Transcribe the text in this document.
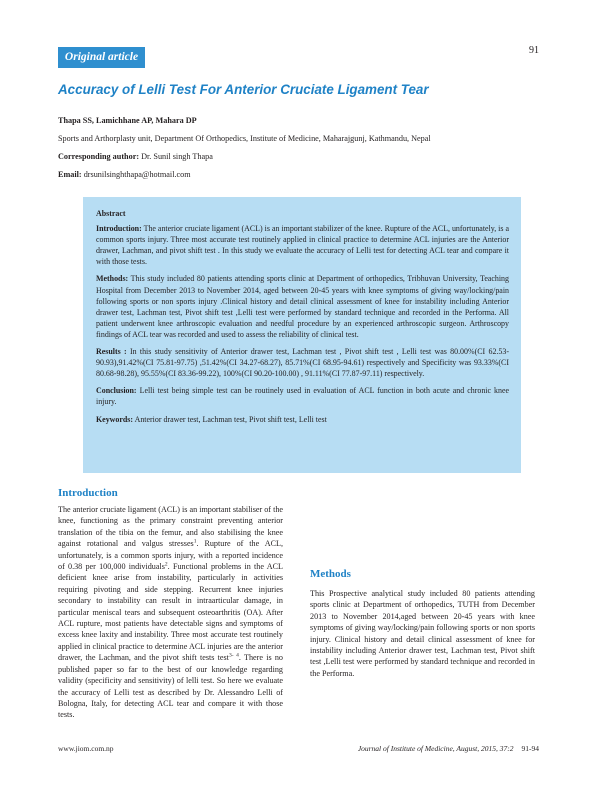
Original article
91
Accuracy of Lelli Test For Anterior Cruciate Ligament Tear
Thapa SS, Lamichhane AP, Mahara DP
Sports and Arthorplasty unit, Department Of Orthopedics, Institute of Medicine, Maharajgunj, Kathmandu, Nepal
Corresponding author: Dr. Sunil singh Thapa
Email: drsunilsinghthapa@hotmail.com

Abstract

Introduction: The anterior cruciate ligament (ACL) is an important stabilizer of the knee. Rupture of the ACL, unfortunately, is a common sports injury. Three most accurate test routinely applied in clinical practice to determine ACL injuries are the Anterior drawer, Lachman, and pivot shift test . In this study we evaluate the accuracy of Lelli test for detecting ACL tear and compare it with those tests.

Methods: This study included 80 patients attending sports clinic at Department of orthopedics, Tribhuvan University, Teaching Hospital from December 2013 to November 2014, aged between 20-45 years with knee symptoms of giving way/locking/pain following sports or non sports injury .Clinical history and detail clinical assessment of knee for instability including Anterior drawer test, Lachman test, Pivot shift test ,Lelli test were performed by standard technique and recorded in the Performa. All patient underwent knee arthroscopic evaluation and needful procedure by an experienced arthroscopic surgeon. Arthroscopy findings of ACL tear was recorded and used to assess the reliability of clinical test.

Results : In this study sensitivity of Anterior drawer test, Lachman test , Pivot shift test , Lelli test was 80.00%(CI 62.53-90.93),91.42%(CI 75.81-97.75) ,51.42%(CI 34.27-68.27), 85.71%(CI 68.95-94.61) respectively and Specificity was 93.33%(CI 80.68-98.28), 95.55%(CI 83.36-99.22), 100%(CI 90.20-100.00) , 91.11%(CI 77.87-97.11) respectively.

Conclusion: Lelli test being simple test can be routinely used in evaluation of ACL function in both acute and chronic knee injury.

Keywords: Anterior drawer test, Lachman test, Pivot shift test, Lelli test

Introduction
The anterior cruciate ligament (ACL) is an important stabiliser of the knee, functioning as the primary constraint preventing anterior translation of the tibia on the femur, and also stabilising the knee against rotational and valgus stresses$^1$. Rupture of the ACL, unfortunately, is a common sports injury, with a reported incidence of 0.38 per 100,000 individuals$^2$. Functional problems in the ACL deficient knee arise from instability, particularly in activities requiring pivoting and side stepping. Recurrent knee injuries secondary to instability can result in intraarticular damage, in particular meniscal tears and subsequent osteoarthritis (OA). After ACL rupture, most patients have detectable signs and symptoms of excess knee laxity and instability. Three most accurate test routinely applied in clinical practice to determine ACL injuries are the anterior drawer, the Lachman, and the pivot shift tests test$^{3- 4}$. There is no published paper so far to the best of our knowledge regarding validity (specificity and sensitivity) of lelli test. So here we evaluate the accuracy of Lelli test as described by Dr. Alessandro Lelli of Bologna, Italy, for detecting ACL tear and compare it with those tests.
Methods
This Prospective analytical study included 80 patients attending sports clinic at Department of orthopedics, TUTH from December 2013 to November 2014,aged between 20-45 years with knee symptoms of giving way/locking/pain following sports or non sports injury. Clinical history and detail clinical assessment of knee for instability including Anterior drawer test, Lachman test, Pivot shift test ,Lelli test were performed by standard technique and recorded in the Performa.
www.jiom.com.np	Journal of Institute of Medicine, August, 2015, 37:2 91-94
